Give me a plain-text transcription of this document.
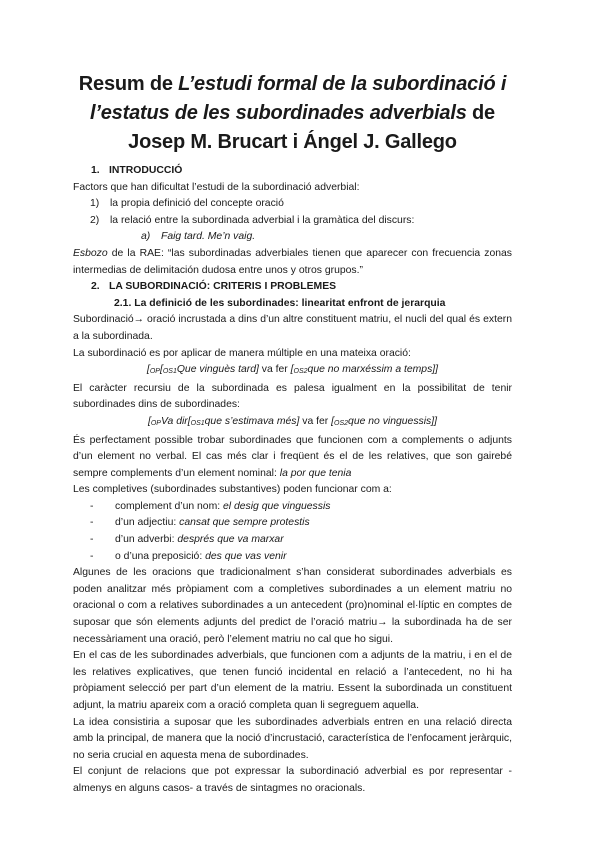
Resum de L’estudi formal de la subordinació i l’estatus de les subordinades adverbials de Josep M. Brucart i Ángel J. Gallego

1. INTRODUCCIÓ

Factors que han dificultat l’estudi de la subordinació adverbial:

1) la propia definició del concepte oració

2) la relació entre la subordinada adverbial i la gramàtica del discurs:

a) Faig tard. Me’n vaig.

Esbozo de la RAE: “las subordinadas adverbiales tienen que aparecer con frecuencia zonas intermedias de delimitación dudosa entre unos y otros grupos.”

2. LA SUBORDINACIÓ: CRITERIS I PROBLEMES

2.1. La definició de les subordinades: linearitat enfront de jerarquia

Subordinació→ oració incrustada a dins d’un altre constituent matriu, el nucli del qual és extern a la subordinada.

La subordinació es por aplicar de manera múltiple en una mateixa oració:

[OP[OS1Que vinguès tard] va fer [OS2que no marxéssim a temps]]

El caràcter recursiu de la subordinada es palesa igualment en la possibilitat de tenir subordinades dins de subordinades:

[OPVa dir[OS1que s’estimava més] va fer [OS2que no vinguessis]]

És perfectament possible trobar subordinades que funcionen com a complements o adjunts d’un element no verbal. El cas més clar i freqüent és el de les relatives, que son gairebé sempre complements d’un element nominal: la por que tenia

Les completives (subordinades substantives) poden funcionar com a:

- complement d’un nom: el desig que vinguessis

- d’un adjectiu: cansat que sempre protestis

- d’un adverbi: després que va marxar

- o d’una preposició: des que vas venir

Algunes de les oracions que tradicionalment s’han considerat subordinades adverbials es poden analitzar més pròpiament com a completives subordinades a un element matriu no oracional o com a relatives subordinades a un antecedent (pro)nominal el·líptic en comptes de suposar que són elements adjunts del predict de l’oració matriu→ la subordinada ha de ser necessàriament una oració, però l’element matriu no cal que ho sigui.

En el cas de les subordinades adverbials, que funcionen com a adjunts de la matriu, i en el de les relatives explicatives, que tenen funció incidental en relació a l’antecedent, no hi ha pròpiament selecció per part d’un element de la matriu. Essent la subordinada un constituent adjunt, la matriu apareix com a oració completa quan li segreguem aquella.

La idea consistiria a suposar que les subordinades adverbials entren en una relació directa amb la principal, de manera que la noció d’incrustació, característica de l’enfocament jeràrquic, no seria crucial en aquesta mena de subordinades.

El conjunt de relacions que pot expressar la subordinació adverbial es por representar -almenys en alguns casos- a través de sintagmes no oracionals.
